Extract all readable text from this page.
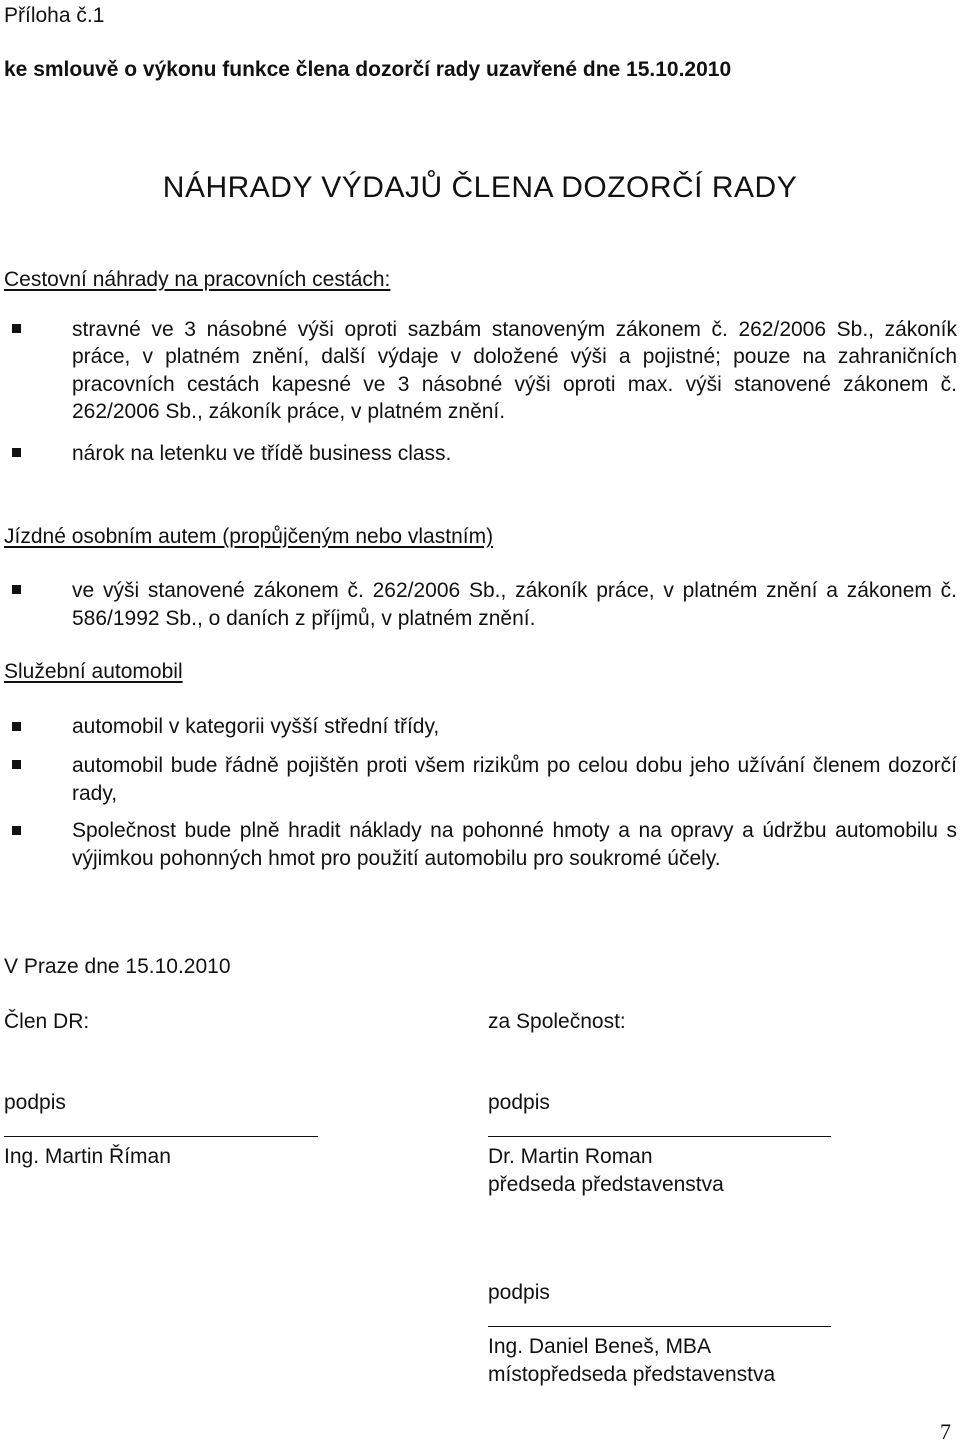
Příloha č.1
ke smlouvě o výkonu funkce člena dozorčí rady uzavřené dne 15.10.2010
NÁHRADY VÝDAJŮ ČLENA DOZORČÍ RADY
Cestovní náhrady na pracovních cestách:
stravné ve 3 násobné výši oproti sazbám stanoveným zákonem č. 262/2006 Sb., zákoník práce, v platném znění, další výdaje v doložené výši a pojistné; pouze na zahraničních pracovních cestách kapesné ve 3 násobné výši oproti max. výši stanovené zákonem č. 262/2006 Sb., zákoník práce, v platném znění.
nárok na letenku ve třídě business class.
Jízdné osobním autem (propůjčeným nebo vlastním)
ve výši stanovené zákonem č. 262/2006 Sb., zákoník práce, v platném znění a zákonem č. 586/1992 Sb., o daních z příjmů, v platném znění.
Služební automobil
automobil v kategorii vyšší střední třídy,
automobil bude řádně pojištěn proti všem rizikům po celou dobu jeho užívání členem dozorčí rady,
Společnost bude plně hradit náklady na pohonné hmoty a na opravy a údržbu automobilu s výjimkou pohonných hmot pro použití automobilu pro soukromé účely.
V Praze dne 15.10.2010
Člen DR:	za Společnost:
podpis
Ing. Martin Říman
podpis
Dr. Martin Roman
předseda představenstva
podpis
Ing. Daniel Beneš, MBA
místopředseda představenstva
7
